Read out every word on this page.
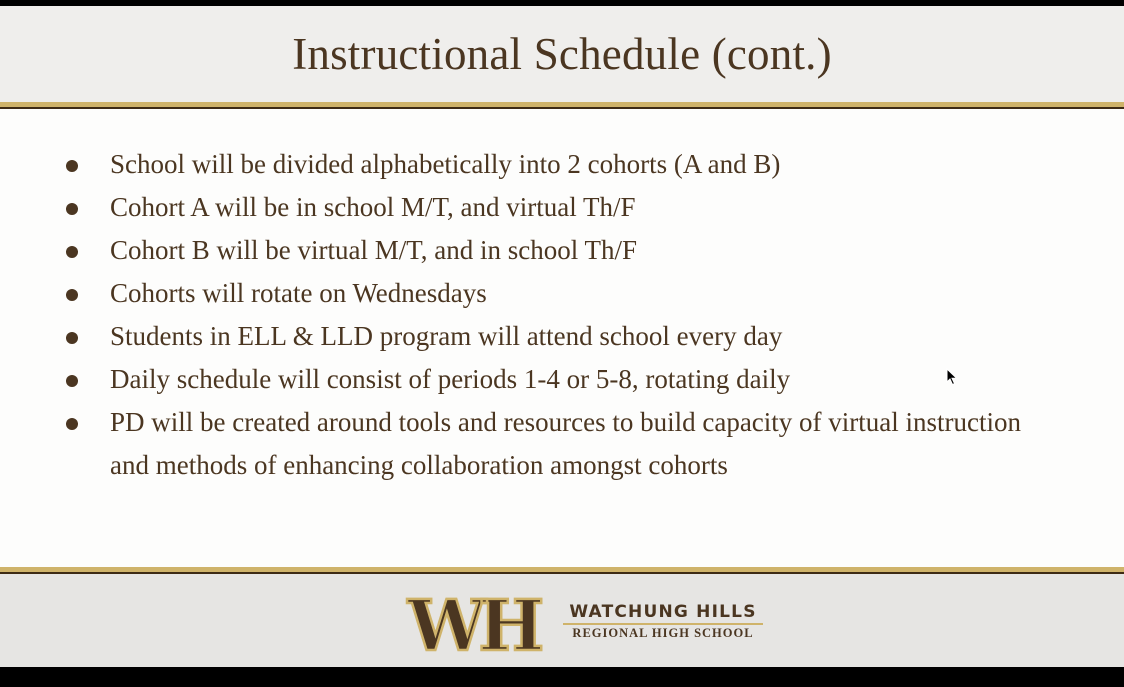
Instructional Schedule (cont.)
School will be divided alphabetically into 2 cohorts (A and B)
Cohort A will be in school M/T, and virtual Th/F
Cohort B will be virtual M/T, and in school Th/F
Cohorts will rotate on Wednesdays
Students in ELL & LLD program will attend school every day
Daily schedule will consist of periods 1-4 or 5-8, rotating daily
PD will be created around tools and resources to build capacity of virtual instruction and methods of enhancing collaboration amongst cohorts
WH	WATCHUNG HILLS
REGIONAL HIGH SCHOOL
